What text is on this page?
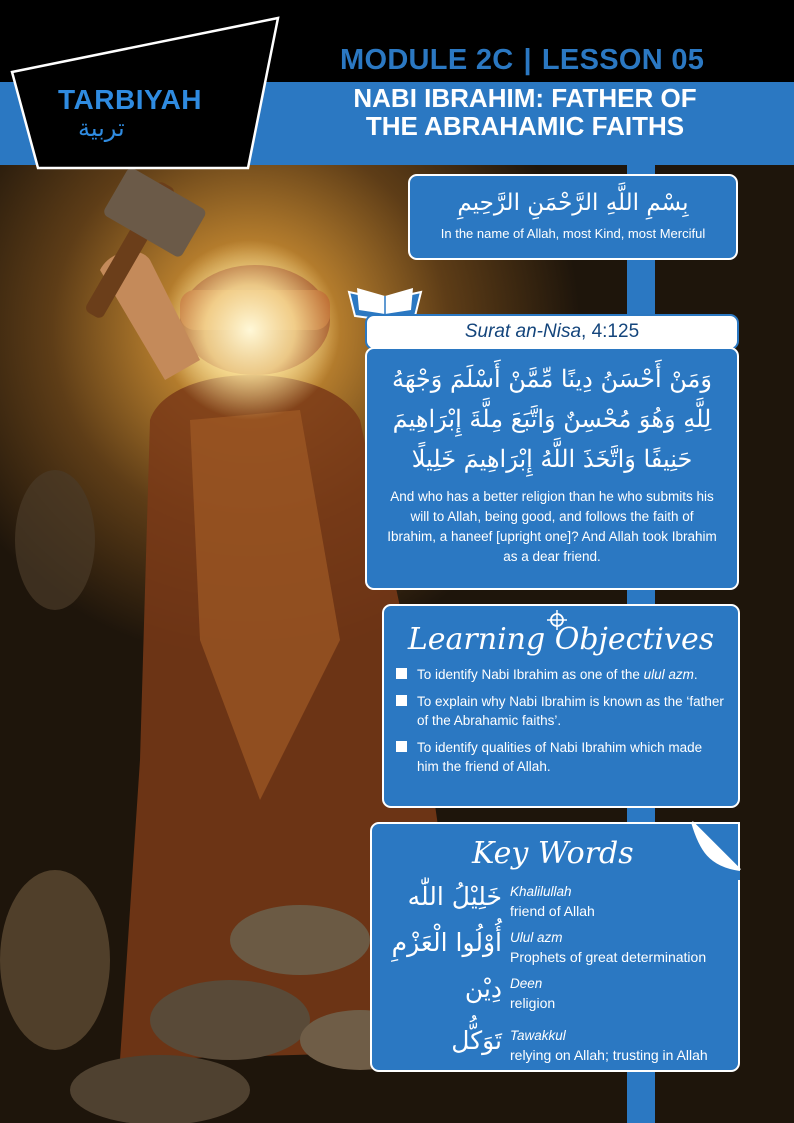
TARBIYAH
تربية
MODULE 2C | LESSON 05
NABI IBRAHIM: FATHER OF
THE ABRAHAMIC FAITHS
بِسْمِ اللَّهِ الرَّحْمَنِ الرَّحِيمِ
In the name of Allah, most Kind, most Merciful
Surat an-Nisa, 4:125
وَمَنْ أَحْسَنُ دِينًا مِّمَّنْ أَسْلَمَ وَجْهَهُ
لِلَّهِ وَهُوَ مُحْسِنٌ وَاتَّبَعَ مِلَّةَ إِبْرَاهِيمَ
حَنِيفًا وَاتَّخَذَ اللَّهُ إِبْرَاهِيمَ خَلِيلًا
And who has a better religion than he who submits his will to Allah, being good, and follows the faith of Ibrahim, a haneef [upright one]? And Allah took Ibrahim as a dear friend.
Learning Objectives
To identify Nabi Ibrahim as one of the ulul azm.
To explain why Nabi Ibrahim is known as the ‘father of the Abrahamic faiths’.
To identify qualities of Nabi Ibrahim which made him the friend of Allah.
Key Words
خَلِيْلُ اللّٰه Khalilullah
friend of Allah
أُوْلُوا الْعَزْمِ Ulul azm
Prophets of great determination
دِيْن Deen
religion
تَوَكُّل Tawakkul
relying on Allah; trusting in Allah
